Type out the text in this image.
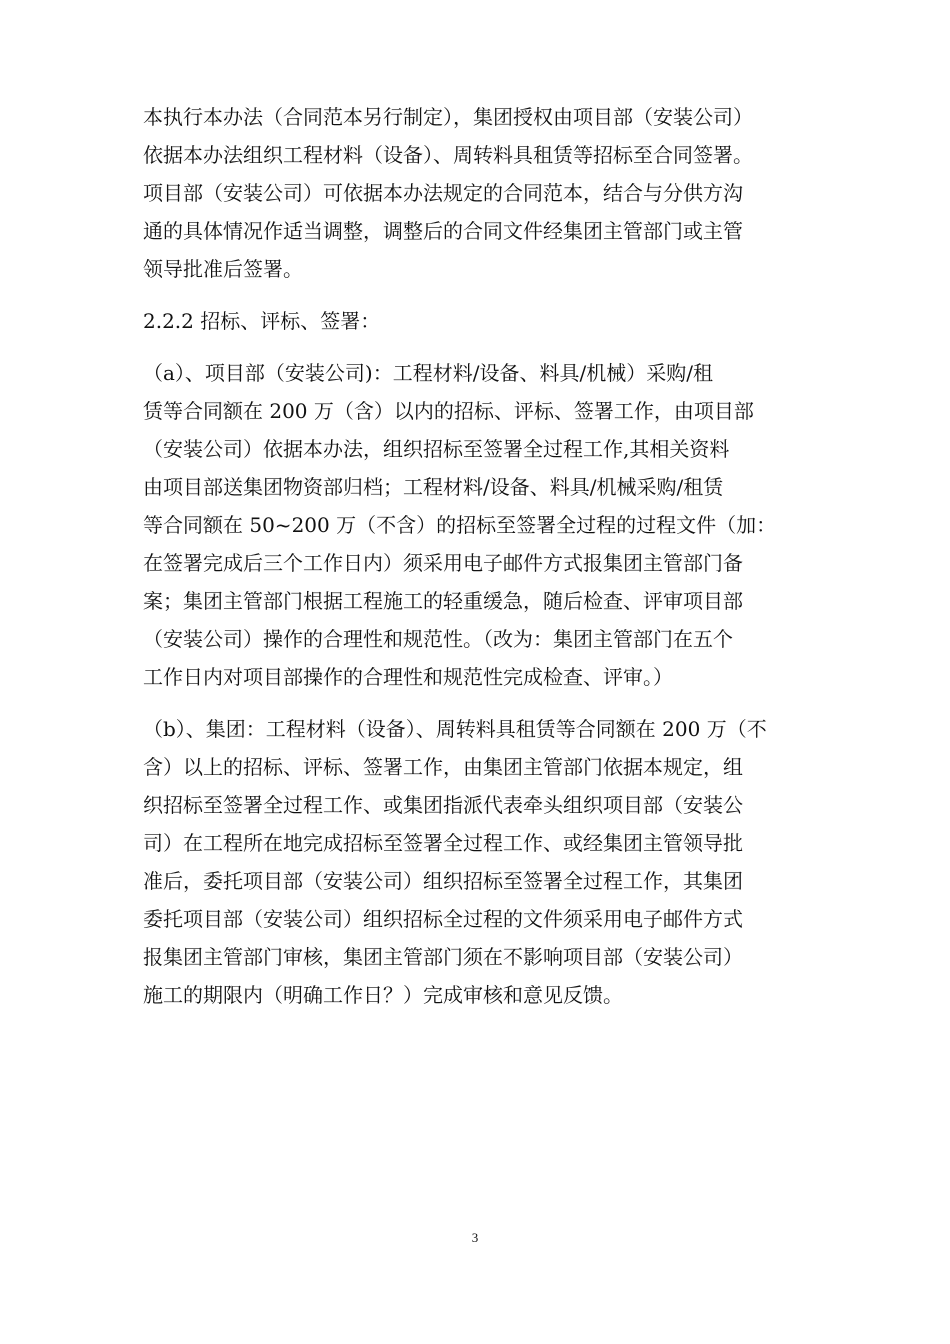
本执行本办法（合同范本另行制定），集团授权由项目部（安装公司）
依据本办法组织工程材料（设备）、周转料具租赁等招标至合同签署。
项目部（安装公司）可依据本办法规定的合同范本，结合与分供方沟
通的具体情况作适当调整，调整后的合同文件经集团主管部门或主管
领导批准后签署。
2.2.2 招标、评标、签署：
（a）、项目部（安装公司)：工程材料/设备、料具/机械）采购/租
赁等合同额在 200 万（含）以内的招标、评标、签署工作，由项目部
（安装公司）依据本办法，组织招标至签署全过程工作,其相关资料
由项目部送集团物资部归档；工程材料/设备、料具/机械采购/租赁
等合同额在 50~200 万（不含）的招标至签署全过程的过程文件（加：
在签署完成后三个工作日内）须采用电子邮件方式报集团主管部门备
案；集团主管部门根据工程施工的轻重缓急，随后检查、评审项目部
（安装公司）操作的合理性和规范性。（改为：集团主管部门在五个
工作日内对项目部操作的合理性和规范性完成检查、评审。）
（b）、集团：工程材料（设备）、周转料具租赁等合同额在 200 万（不
含）以上的招标、评标、签署工作，由集团主管部门依据本规定，组
织招标至签署全过程工作、或集团指派代表牵头组织项目部（安装公
司）在工程所在地完成招标至签署全过程工作、或经集团主管领导批
准后，委托项目部（安装公司）组织招标至签署全过程工作，其集团
委托项目部（安装公司）组织招标全过程的文件须采用电子邮件方式
报集团主管部门审核，集团主管部门须在不影响项目部（安装公司）
施工的期限内（明确工作日？）完成审核和意见反馈。
3
